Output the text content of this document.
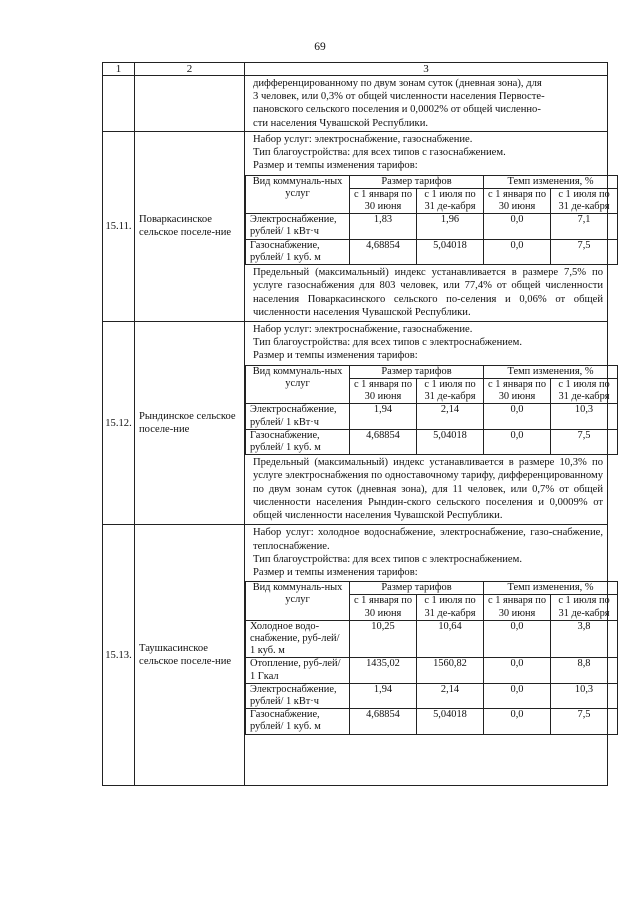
69
1	2	3

дифференцированному по двум зонам суток (дневная зона), для
3 человек, или 0,3% от общей численности населения Первосте-
пановского сельского поселения и 0,0002% от общей численно-
сти населения Чувашской Республики.

15.11.	Поваркасинское сельское поселе-ние	
Набор услуг: электроснабжение, газоснабжение.
Тип благоустройства: для всех типов с газоснабжением.
Размер и темпы изменения тарифов:
Вид коммуналь-ных услуг	Размер тарифов	Темп изменения, %
с 1 января по 30 июня	с 1 июля по 31 де-кабря	с 1 января по 30 июня	с 1 июля по 31 де-кабря
Электроснабжение, рублей/ 1 кВт·ч	1,83	1,96	0,0	7,1
Газоснабжение, рублей/ 1 куб. м	4,68854	5,04018	0,0	7,5
Предельный (максимальный) индекс устанавливается в размере 7,5% по услуге газоснабжения для 803 человек, или 77,4% от общей численности населения Поваркасинского сельского по-селения и 0,06% от общей численности населения Чувашской Республики.

15.12.	Рындинское сельское поселе-ние	
Набор услуг: электроснабжение, газоснабжение.
Тип благоустройства: для всех типов с электроснабжением.
Размер и темпы изменения тарифов:
Вид коммуналь-ных услуг	Размер тарифов	Темп изменения, %
с 1 января по 30 июня	с 1 июля по 31 де-кабря	с 1 января по 30 июня	с 1 июля по 31 де-кабря
Электроснабжение, рублей/ 1 кВт·ч	1,94	2,14	0,0	10,3
Газоснабжение, рублей/ 1 куб. м	4,68854	5,04018	0,0	7,5
Предельный (максимальный) индекс устанавливается в размере 10,3% по услуге электроснабжения по одноставочному тарифу, дифференцированному по двум зонам суток (дневная зона), для 11 человек, или 0,7% от общей численности населения Рындин-ского сельского поселения и 0,0009% от общей численности населения Чувашской Республики.

15.13.	Таушкасинское сельское поселе-ние	
Набор услуг: холодное водоснабжение, электроснабжение, газо-снабжение, теплоснабжение.
Тип благоустройства: для всех типов с электроснабжением.
Размер и темпы изменения тарифов:
Вид коммуналь-ных услуг	Размер тарифов	Темп изменения, %
с 1 января по 30 июня	с 1 июля по 31 де-кабря	с 1 января по 30 июня	с 1 июля по 31 де-кабря
Холодное водо-снабжение, руб-лей/ 1 куб. м	10,25	10,64	0,0	3,8
Отопление, руб-лей/ 1 Гкал	1435,02	1560,82	0,0	8,8
Электроснабжение, рублей/ 1 кВт·ч	1,94	2,14	0,0	10,3
Газоснабжение, рублей/ 1 куб. м	4,68854	5,04018	0,0	7,5
